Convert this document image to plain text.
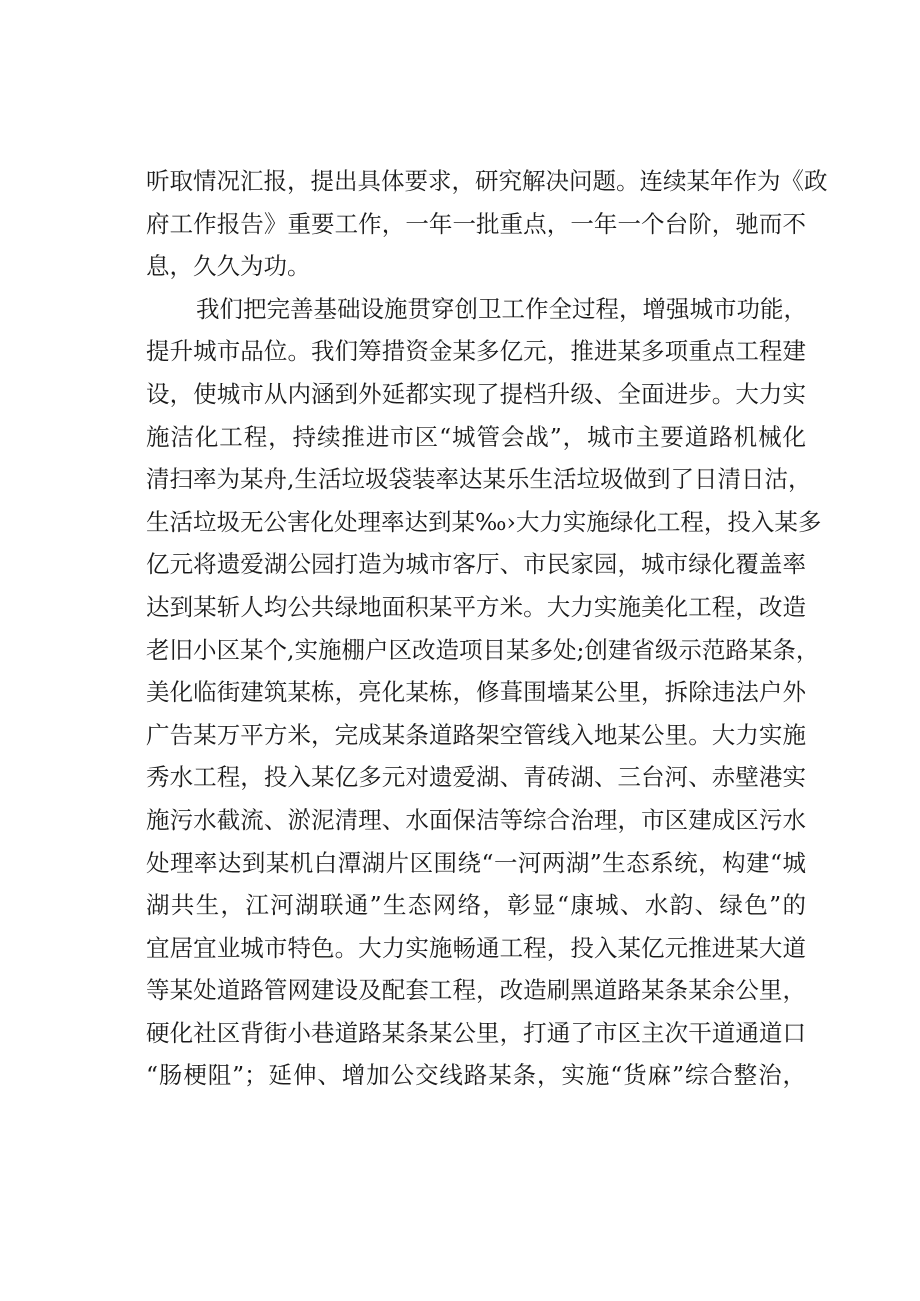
听取情况汇报，提出具体要求，研究解决问题。连续某年作为《政
府工作报告》重要工作，一年一批重点，一年一个台阶，驰而不
息，久久为功。
我们把完善基础设施贯穿创卫工作全过程，增强城市功能，
提升城市品位。我们筹措资金某多亿元，推进某多项重点工程建
设，使城市从内涵到外延都实现了提档升级、全面进步。大力实
施洁化工程，持续推进市区“城管会战”，城市主要道路机械化
清扫率为某舟,生活垃圾袋装率达某乐生活垃圾做到了日清日沽，
生活垃圾无公害化处理率达到某‰›大力实施绿化工程，投入某多
亿元将遗爱湖公园打造为城市客厅、市民家园，城市绿化覆盖率
达到某斩人均公共绿地面积某平方米。大力实施美化工程，改造
老旧小区某个,实施棚户区改造项目某多处;创建省级示范路某条，
美化临街建筑某栋，亮化某栋，修葺围墙某公里，拆除违法户外
广告某万平方米，完成某条道路架空管线入地某公里。大力实施
秀水工程，投入某亿多元对遗爱湖、青砖湖、三台河、赤壁港实
施污水截流、淤泥清理、水面保洁等综合治理，市区建成区污水
处理率达到某机白潭湖片区围绕“一河两湖”生态系统，构建“城
湖共生，江河湖联通”生态网络，彰显“康城、水韵、绿色”的
宜居宜业城市特色。大力实施畅通工程，投入某亿元推进某大道
等某处道路管网建设及配套工程，改造刷黑道路某条某余公里，
硬化社区背街小巷道路某条某公里，打通了市区主次干道通道口
“肠梗阻”；延伸、增加公交线路某条，实施“货麻”综合整治，
